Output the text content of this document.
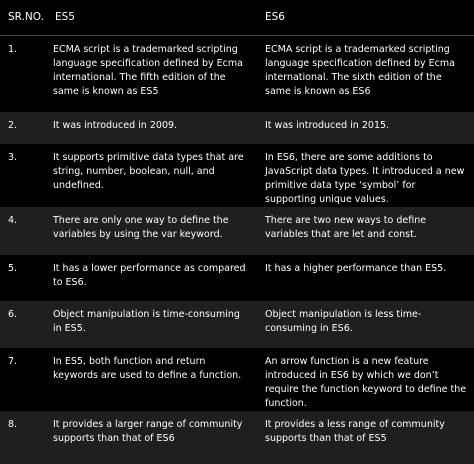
SR.NO.	ES5	ES6
1.	ECMA script is a trademarked scripting language specification defined by Ecma international. The fifth edition of the same is known as ES5	ECMA script is a trademarked scripting language specification defined by Ecma international. The sixth edition of the same is known as ES6
2.	It was introduced in 2009.	It was introduced in 2015.
3.	It supports primitive data types that are string, number, boolean, null, and undefined.	In ES6, there are some additions to JavaScript data types. It introduced a new primitive data type ‘symbol’ for supporting unique values.
4.	There are only one way to define the variables by using the var keyword.	There are two new ways to define variables that are let and const.
5.	It has a lower performance as compared to ES6.	It has a higher performance than ES5.
6.	Object manipulation is time-consuming in ES5.	Object manipulation is less time-consuming in ES6.
7.	In ES5, both function and return keywords are used to define a function.	An arrow function is a new feature introduced in ES6 by which we don’t require the function keyword to define the function.
8.	It provides a larger range of community supports than that of ES6	It provides a less range of community supports than that of ES5
